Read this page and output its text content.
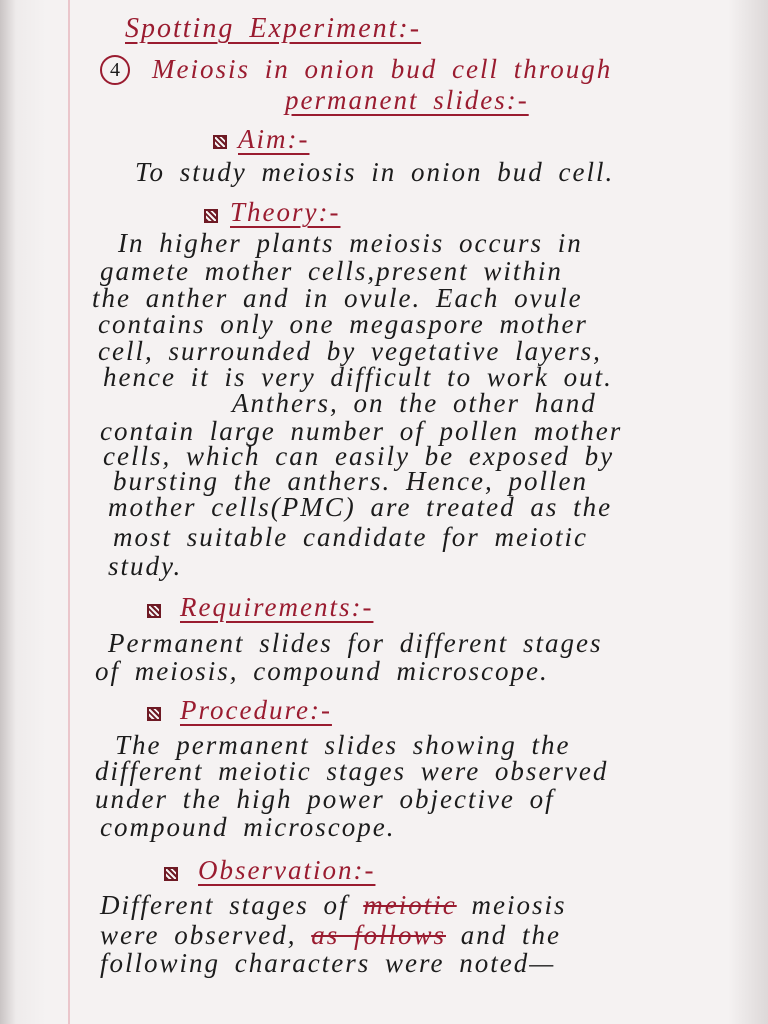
Spotting Experiment:-
4 Meiosis in onion bud cell through
permanent slides:-
Aim:-
To study meiosis in onion bud cell.
Theory:-
In higher plants meiosis occurs in
gamete mother cells,present within
the anther and in ovule. Each ovule
contains only one megaspore mother
cell, surrounded by vegetative layers,
hence it is very difficult to work out.
Anthers, on the other hand
contain large number of pollen mother
cells, which can easily be exposed by
bursting the anthers. Hence, pollen
mother cells(PMC) are treated as the
most suitable candidate for meiotic
study.
Requirements:-
Permanent slides for different stages
of meiosis, compound microscope.
Procedure:-
The permanent slides showing the
different meiotic stages were observed
under the high power objective of
compound microscope.
Observation:-
Different stages of meiotic meiosis
were observed, as follows and the
following characters were noted—
